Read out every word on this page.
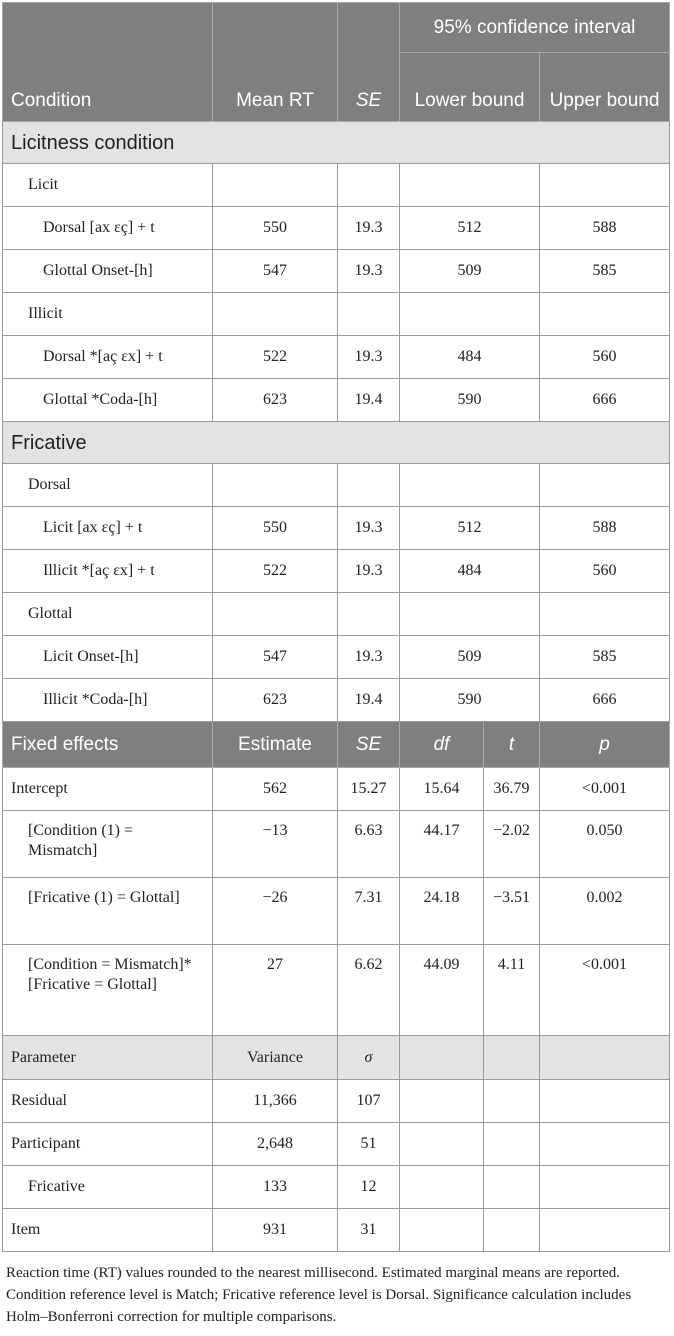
Condition	Mean RT	SE	95% confidence interval		
			Lower bound		Upper bound
Licitness condition					
Licit					
Dorsal [ax εç] + t	550	19.3	512		588
Glottal Onset-[h]	547	19.3	509		585
Illicit					
Dorsal *[aç εx] + t	522	19.3	484		560
Glottal *Coda-[h]	623	19.4	590		666
Fricative					
Dorsal					
Licit [ax εç] + t	550	19.3	512		588
Illicit *[aç εx] + t	522	19.3	484		560
Glottal					
Licit Onset-[h]	547	19.3	509		585
Illicit *Coda-[h]	623	19.4	590		666
Fixed effects	Estimate	SE	df	t	p
Intercept	562	15.27	15.64	36.79	<0.001
[Condition (1) = Mismatch]	−13	6.63	44.17	−2.02	0.050
[Fricative (1) = Glottal]	−26	7.31	24.18	−3.51	0.002
[Condition = Mismatch]* [Fricative = Glottal]	27	6.62	44.09	4.11	<0.001
Parameter	Variance	σ			
Residual	11,366	107			
Participant	2,648	51			
Fricative	133	12			
Item	931	31			

Reaction time (RT) values rounded to the nearest millisecond. Estimated marginal means are reported. Condition reference level is Match; Fricative reference level is Dorsal. Significance calculation includes Holm–Bonferroni correction for multiple comparisons.
